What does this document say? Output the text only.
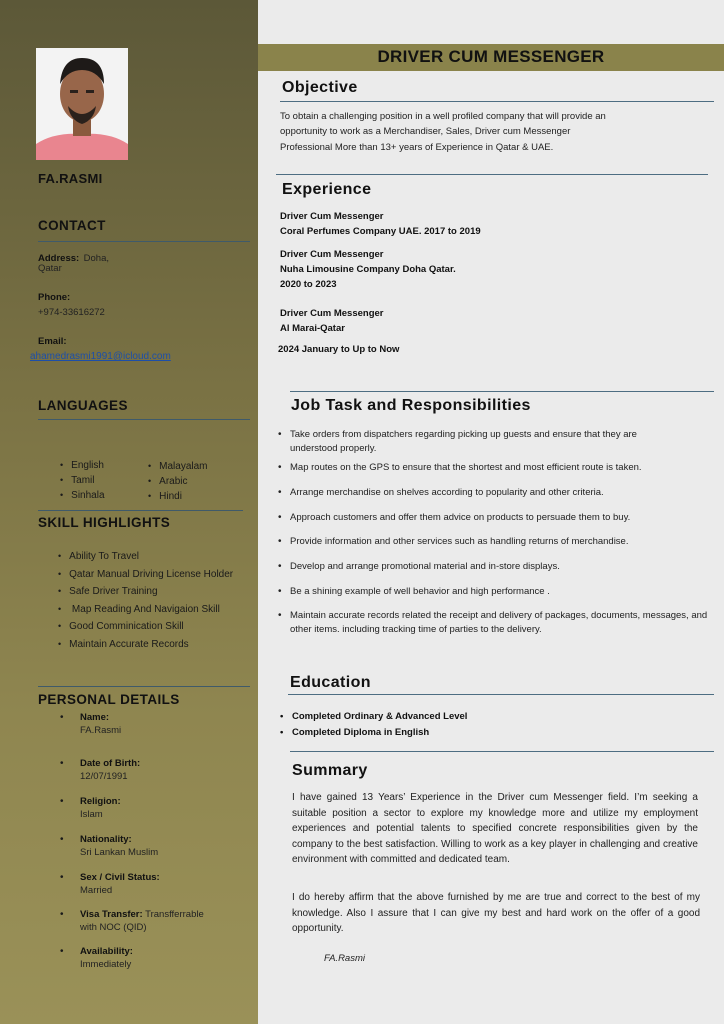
FA.RASMI
CONTACT
Address: Doha,
Qatar
Phone:
+974-33616272
Email:
ahamedrasmi1991@icloud.com
LANGUAGES
• English
• Tamil
• Sinhala
• Malayalam
• Arabic
• Hindi
SKILL HIGHLIGHTS
• Ability To Travel
• Qatar Manual Driving License Holder
• Safe Driver Training
• Map Reading And Navigaion Skill
• Good Comminication Skill
• Maintain Accurate Records
PERSONAL DETAILS
• Name:
FA.Rasmi
• Date of Birth:
12/07/1991
• Religion:
Islam
• Nationality:
Sri Lankan Muslim
• Sex / Civil Status:
Married
• Visa Transfer: Transfferrable
with NOC (QID)
• Availability:
Immediately
DRIVER CUM MESSENGER
Objective
To obtain a challenging position in a well profiled company that will provide an
opportunity to work as a Merchandiser, Sales, Driver cum Messenger
Professional More than 13+ years of Experience in Qatar & UAE.
Experience
Driver Cum Messenger
Coral Perfumes Company UAE. 2017 to 2019
Driver Cum Messenger
Nuha Limousine Company Doha Qatar.
2020 to 2023
Driver Cum Messenger
Al Marai-Qatar
2024 January to Up to Now
Job Task and Responsibilities
• Take orders from dispatchers regarding picking up guests and ensure that they are understood properly.
• Map routes on the GPS to ensure that the shortest and most efficient route is taken.
• Arrange merchandise on shelves according to popularity and other criteria.
• Approach customers and offer them advice on products to persuade them to buy.
• Provide information and other services such as handling returns of merchandise.
• Develop and arrange promotional material and in-store displays.
• Be a shining example of well behavior and high performance .
• Maintain accurate records related the receipt and delivery of packages, documents, messages, and other items. including tracking time of parties to the delivery.
Education
• Completed Ordinary & Advanced Level
• Completed Diploma in English
Summary
I have gained 13 Years’ Experience in the Driver cum Messenger field. I’m seeking a suitable position a sector to explore my knowledge more and utilize my employment experiences and potential talents to specified concrete responsibilities given by the company to the best satisfaction. Willing to work as a key player in challenging and creative environment with committed and dedicated team.
I do hereby affirm that the above furnished by me are true and correct to the best of my knowledge. Also I assure that I can give my best and hard work on the offer of a good opportunity.
FA.Rasmi
